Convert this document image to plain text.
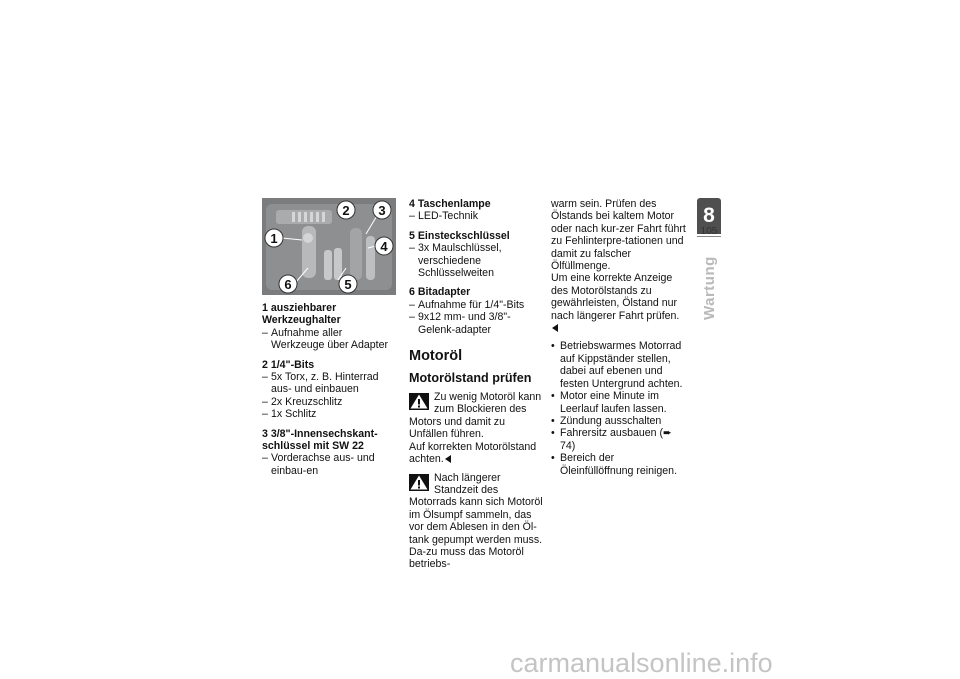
1
2 3
4
5
6
1 ausziehbarer Werkzeughalter
– Aufnahme aller Werkzeuge über Adapter
2 1/4"-Bits
– 5x Torx, z. B. Hinterrad aus- und einbauen
– 2x Kreuzschlitz
– 1x Schlitz
3 3/8"-Innensechskant-schlüssel mit SW 22
– Vorderachse aus- und einbau-en
4 Taschenlampe
– LED-Technik
5 Einsteckschlüssel
– 3x Maulschlüssel, verschiedene Schlüsselweiten
6 Bitadapter
– Aufnahme für 1/4"-Bits
– 9x12 mm- und 3/8"-Gelenk-adapter
Motoröl
Motorölstand prüfen
Zu wenig Motoröl kann zum Blockieren des Motors und damit zu Unfällen führen.
Auf korrekten Motorölstand achten.
Nach längerer Standzeit des Motorrads kann sich Motoröl im Ölsumpf sammeln, das vor dem Ablesen in den Öl-tank gepumpt werden muss. Da-zu muss das Motoröl betriebs-
warm sein. Prüfen des Ölstands bei kaltem Motor oder nach kur-zer Fahrt führt zu Fehlinterpre-tationen und damit zu falscher Ölfüllmenge.
Um eine korrekte Anzeige des Motorölstands zu gewährleisten, Ölstand nur nach längerer Fahrt prüfen.
• Betriebswarmes Motorrad auf Kippständer stellen, dabei auf ebenen und festen Untergrund achten.
• Motor eine Minute im Leerlauf laufen lassen.
• Zündung ausschalten
• Fahrersitz ausbauen (➨ 74)
• Bereich der Öleinfüllöffnung reinigen.
8
105
Wartung
carmanualsonline.info
